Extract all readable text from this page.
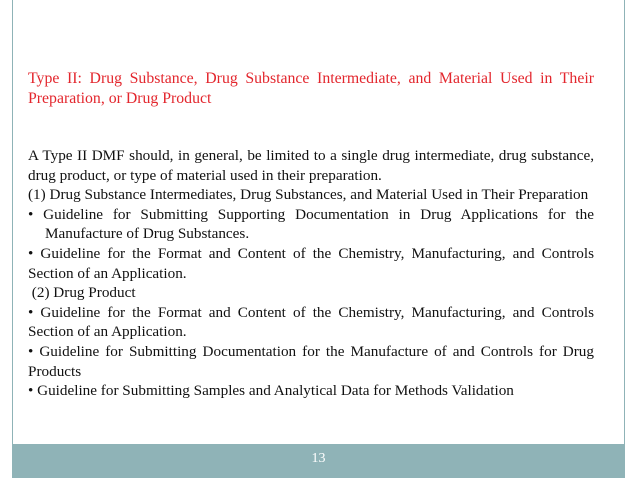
Type II: Drug Substance, Drug Substance Intermediate, and Material Used in Their Preparation, or Drug Product

A Type II DMF should, in general, be limited to a single drug intermediate, drug substance, drug product, or type of material used in their preparation.

(1) Drug Substance Intermediates, Drug Substances, and Material Used in Their Preparation

• Guideline for Submitting Supporting Documentation in Drug Applications for the Manufacture of Drug Substances.

• Guideline for the Format and Content of the Chemistry, Manufacturing, and Controls Section of an Application.

(2) Drug Product

• Guideline for the Format and Content of the Chemistry, Manufacturing, and Controls Section of an Application.

• Guideline for Submitting Documentation for the Manufacture of and Controls for Drug Products

• Guideline for Submitting Samples and Analytical Data for Methods Validation

13
